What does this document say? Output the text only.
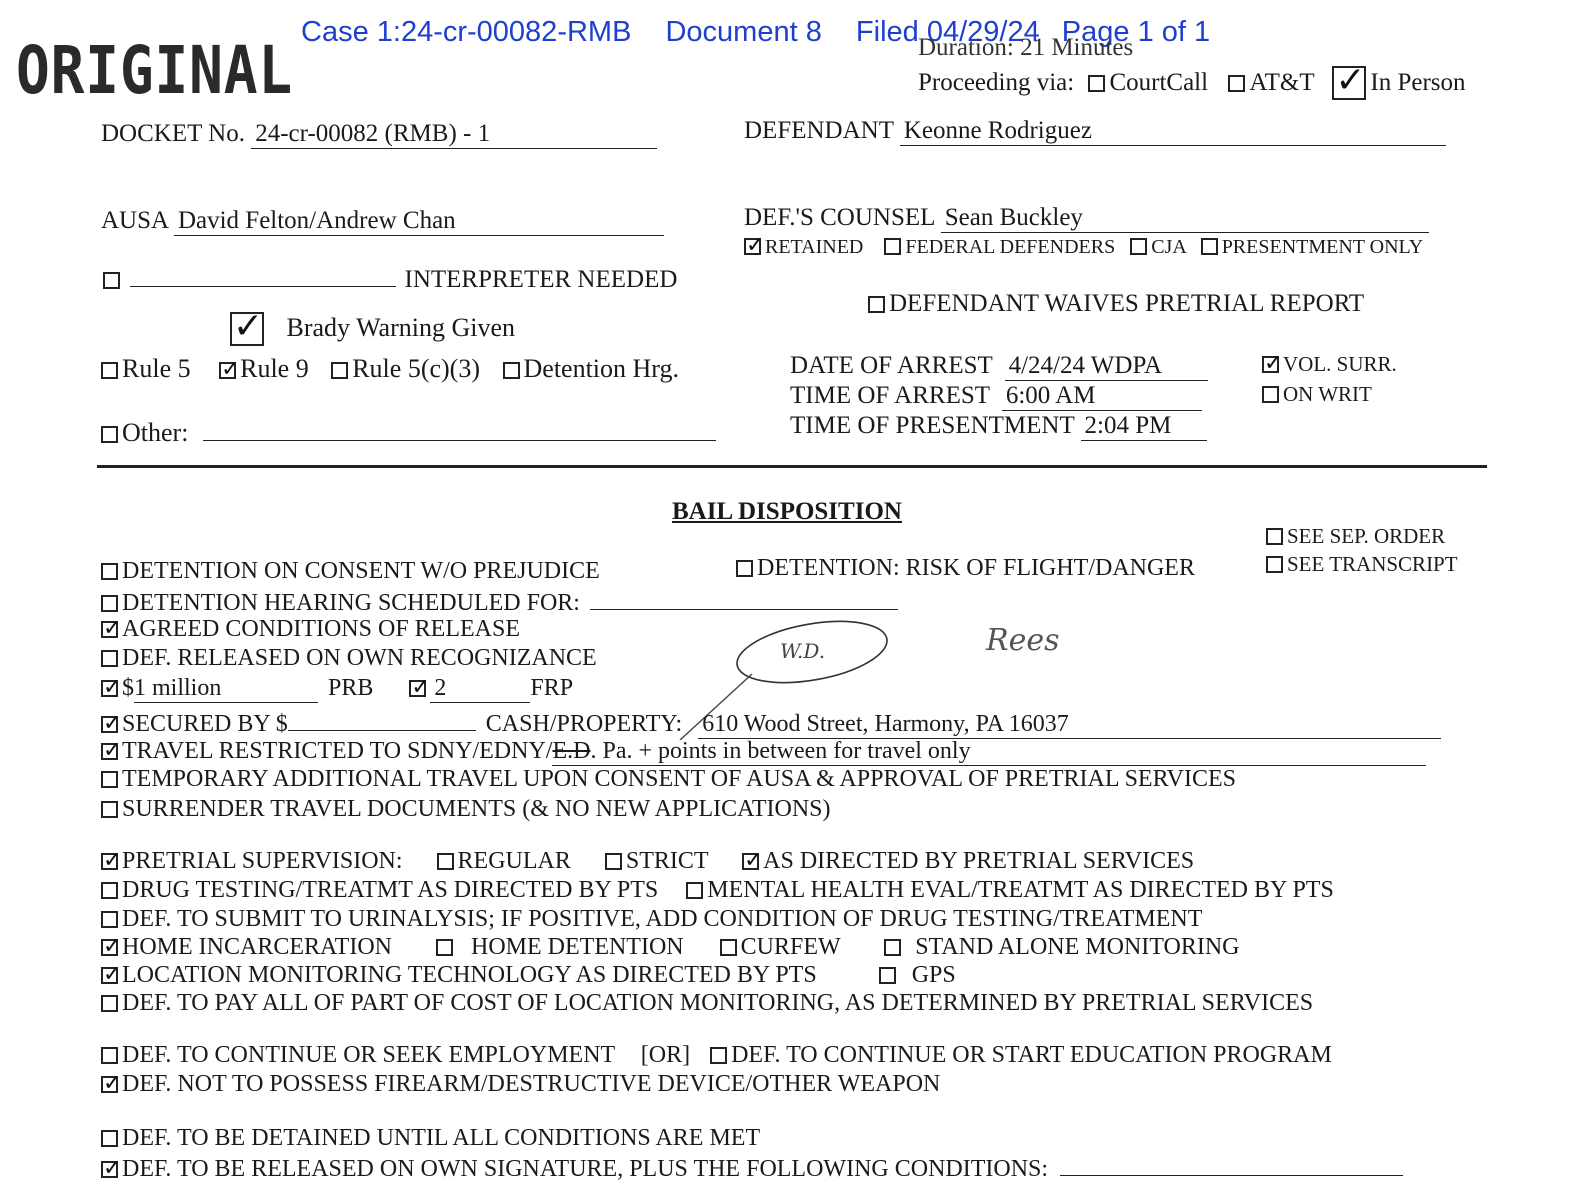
Case 1:24-cr-00082-RMB Document 8 Filed 04/29/24 Page 1 of 1
ORIGINAL	Duration: 21 Minutes
Proceeding via: CourtCall AT&T ✓ In Person
DOCKET No. 24-cr-00082 (RMB) - 1	DEFENDANT Keonne Rodriguez
AUSA David Felton/Andrew Chan	DEF.'S COUNSEL Sean Buckley
✓RETAINED FEDERAL DEFENDERS CJA PRESENTMENT ONLY
INTERPRETER NEEDED
DEFENDANT WAIVES PRETRIAL REPORT
✓ Brady Warning Given
Rule 5 ✓ Rule 9 Rule 5(c)(3) Detention Hrg.
Other:
DATE OF ARREST 4/24/24 WDPA
TIME OF ARREST 6:00 AM
TIME OF PRESENTMENT 2:04 PM
✓VOL. SURR.
ON WRIT
BAIL DISPOSITION
SEE SEP. ORDER
SEE TRANSCRIPT
DETENTION ON CONSENT W/O PREJUDICE	DETENTION: RISK OF FLIGHT/DANGER
DETENTION HEARING SCHEDULED FOR:
✓AGREED CONDITIONS OF RELEASE
DEF. RELEASED ON OWN RECOGNIZANCE	W.D.	Rees
✓$1 million	PRB ✓	2	FRP
✓SECURED BY $	CASH/PROPERTY: 610 Wood Street, Harmony, PA 16037
✓TRAVEL RESTRICTED TO SDNY/EDNY/E.D. Pa. + points in between for travel only
TEMPORARY ADDITIONAL TRAVEL UPON CONSENT OF AUSA & APPROVAL OF PRETRIAL SERVICES
SURRENDER TRAVEL DOCUMENTS (& NO NEW APPLICATIONS)
✓PRETRIAL SUPERVISION: REGULAR STRICT ✓ AS DIRECTED BY PRETRIAL SERVICES
DRUG TESTING/TREATMT AS DIRECTED BY PTS MENTAL HEALTH EVAL/TREATMT AS DIRECTED BY PTS
DEF. TO SUBMIT TO URINALYSIS; IF POSITIVE, ADD CONDITION OF DRUG TESTING/TREATMENT
✓HOME INCARCERATION	HOME DETENTION CURFEW	STAND ALONE MONITORING
✓LOCATION MONITORING TECHNOLOGY AS DIRECTED BY PTS	GPS
DEF. TO PAY ALL OF PART OF COST OF LOCATION MONITORING, AS DETERMINED BY PRETRIAL SERVICES
DEF. TO CONTINUE OR SEEK EMPLOYMENT [OR] DEF. TO CONTINUE OR START EDUCATION PROGRAM
✓DEF. NOT TO POSSESS FIREARM/DESTRUCTIVE DEVICE/OTHER WEAPON
DEF. TO BE DETAINED UNTIL ALL CONDITIONS ARE MET
✓DEF. TO BE RELEASED ON OWN SIGNATURE, PLUS THE FOLLOWING CONDITIONS:
